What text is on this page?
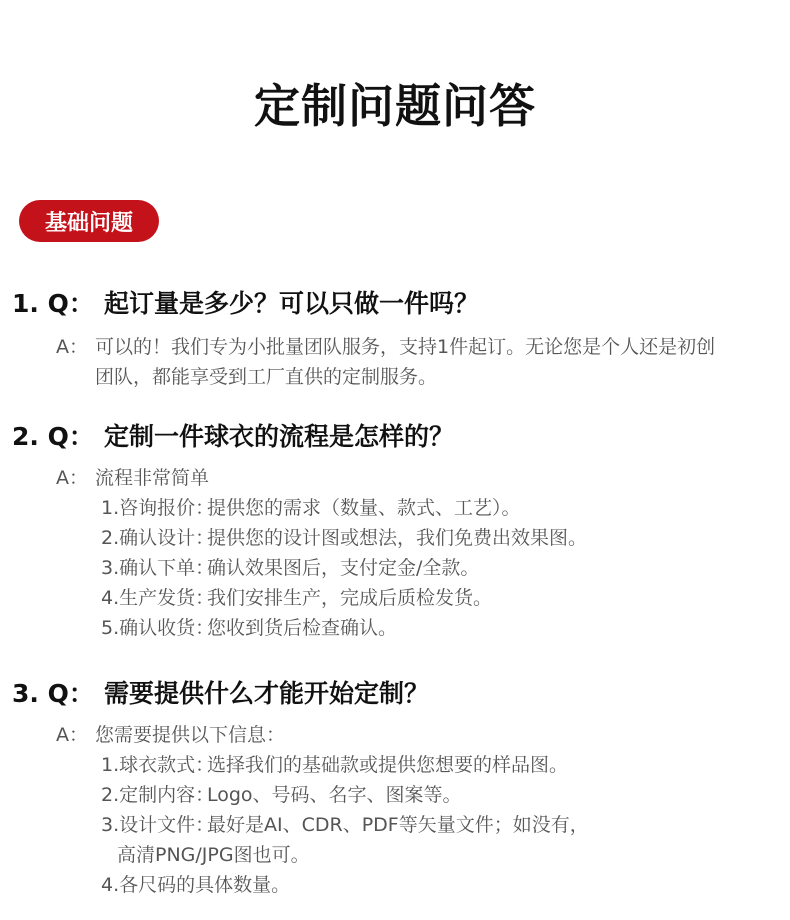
定制问题问答
基础问题
1. Q： 起订量是多少？可以只做一件吗？
A： 可以的！我们专为小批量团队服务，支持1件起订。无论您是个人还是初创
团队，都能享受到工厂直供的定制服务。
2. Q： 定制一件球衣的流程是怎样的？
A： 流程非常简单
1.咨询报价：提供您的需求（数量、款式、工艺）。
2.确认设计：提供您的设计图或想法，我们免费出效果图。
3.确认下单：确认效果图后，支付定金/全款。
4.生产发货：我们安排生产，完成后质检发货。
5.确认收货：您收到货后检查确认。
3. Q： 需要提供什么才能开始定制？
A： 您需要提供以下信息：
1.球衣款式：选择我们的基础款或提供您想要的样品图。
2.定制内容：Logo、号码、名字、图案等。
3.设计文件：最好是AI、CDR、PDF等矢量文件；如没有，
高清PNG/JPG图也可。
4.各尺码的具体数量。
